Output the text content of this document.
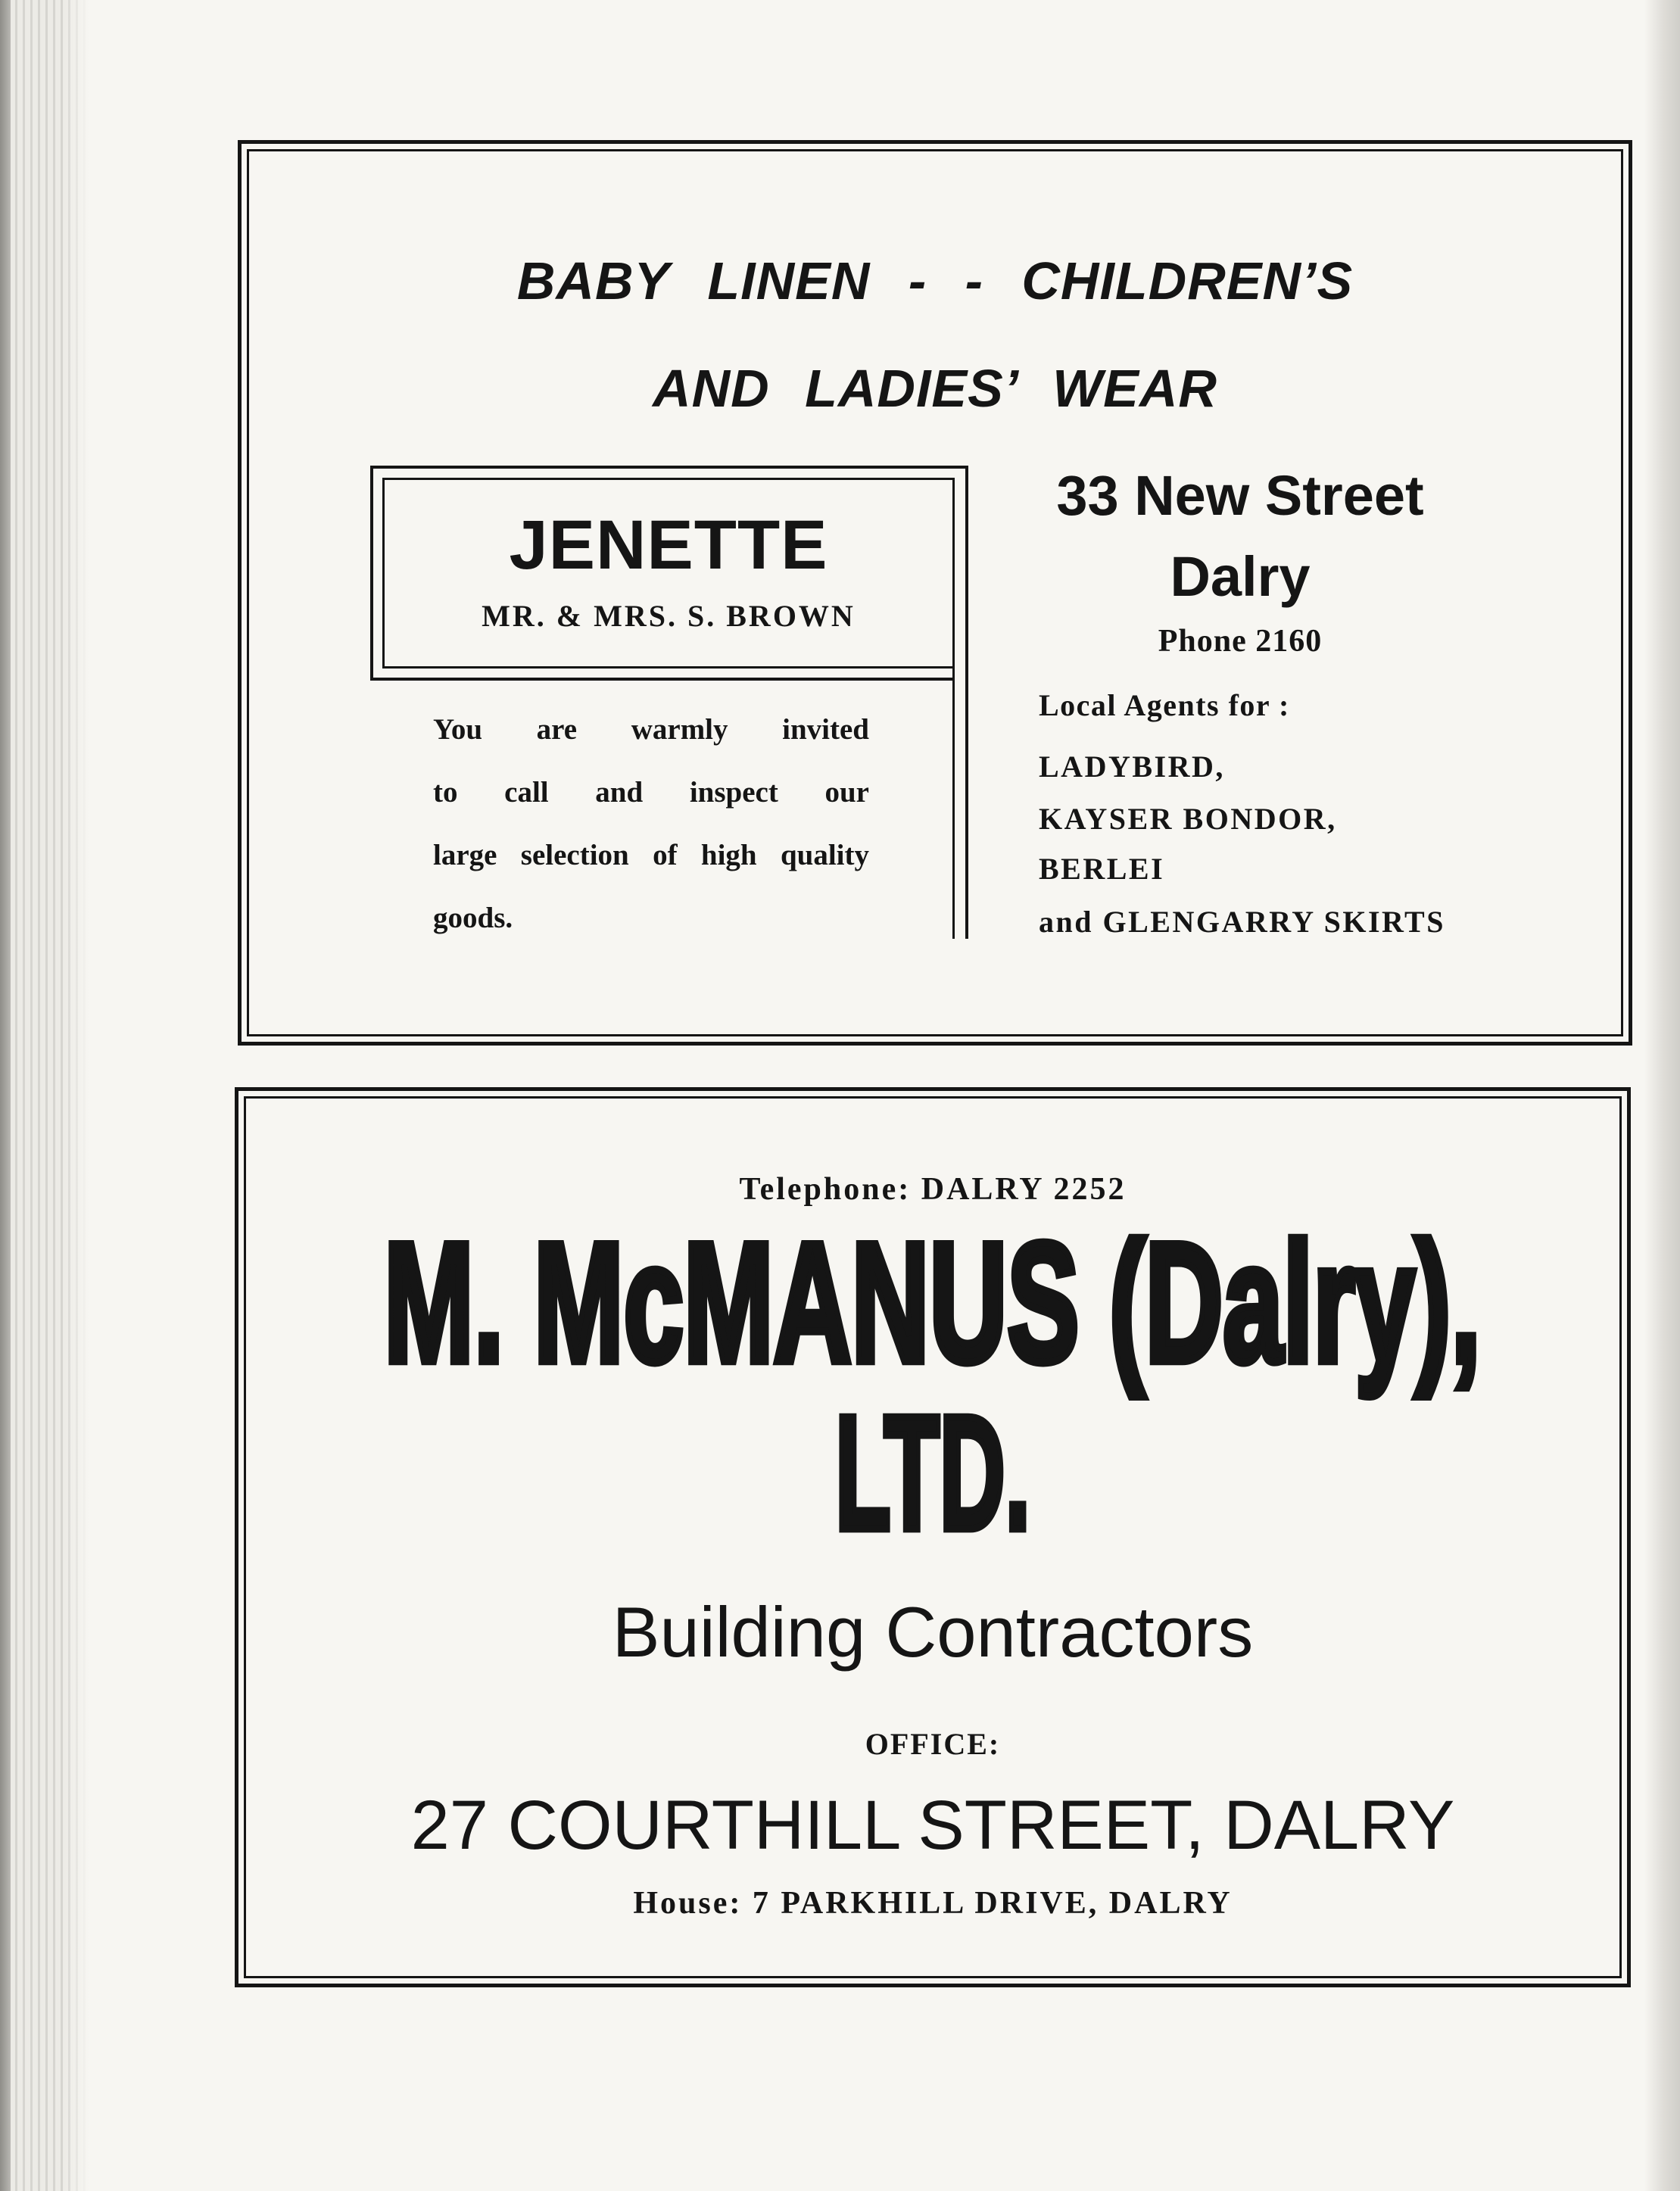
BABY LINEN - - CHILDREN’S
AND LADIES’ WEAR
JENETTE
MR. & MRS. S. BROWN
You are warmly invited
to call and inspect our
large selection of high quality
goods.
33 New Street
Dalry
Phone 2160
Local Agents for :
LADYBIRD,
KAYSER BONDOR,
BERLEI
and GLENGARRY SKIRTS
Telephone: DALRY 2252
M. McMANUS (Dalry),
LTD.
Building Contractors
OFFICE:
27 COURTHILL STREET, DALRY
House: 7 PARKHILL DRIVE, DALRY
